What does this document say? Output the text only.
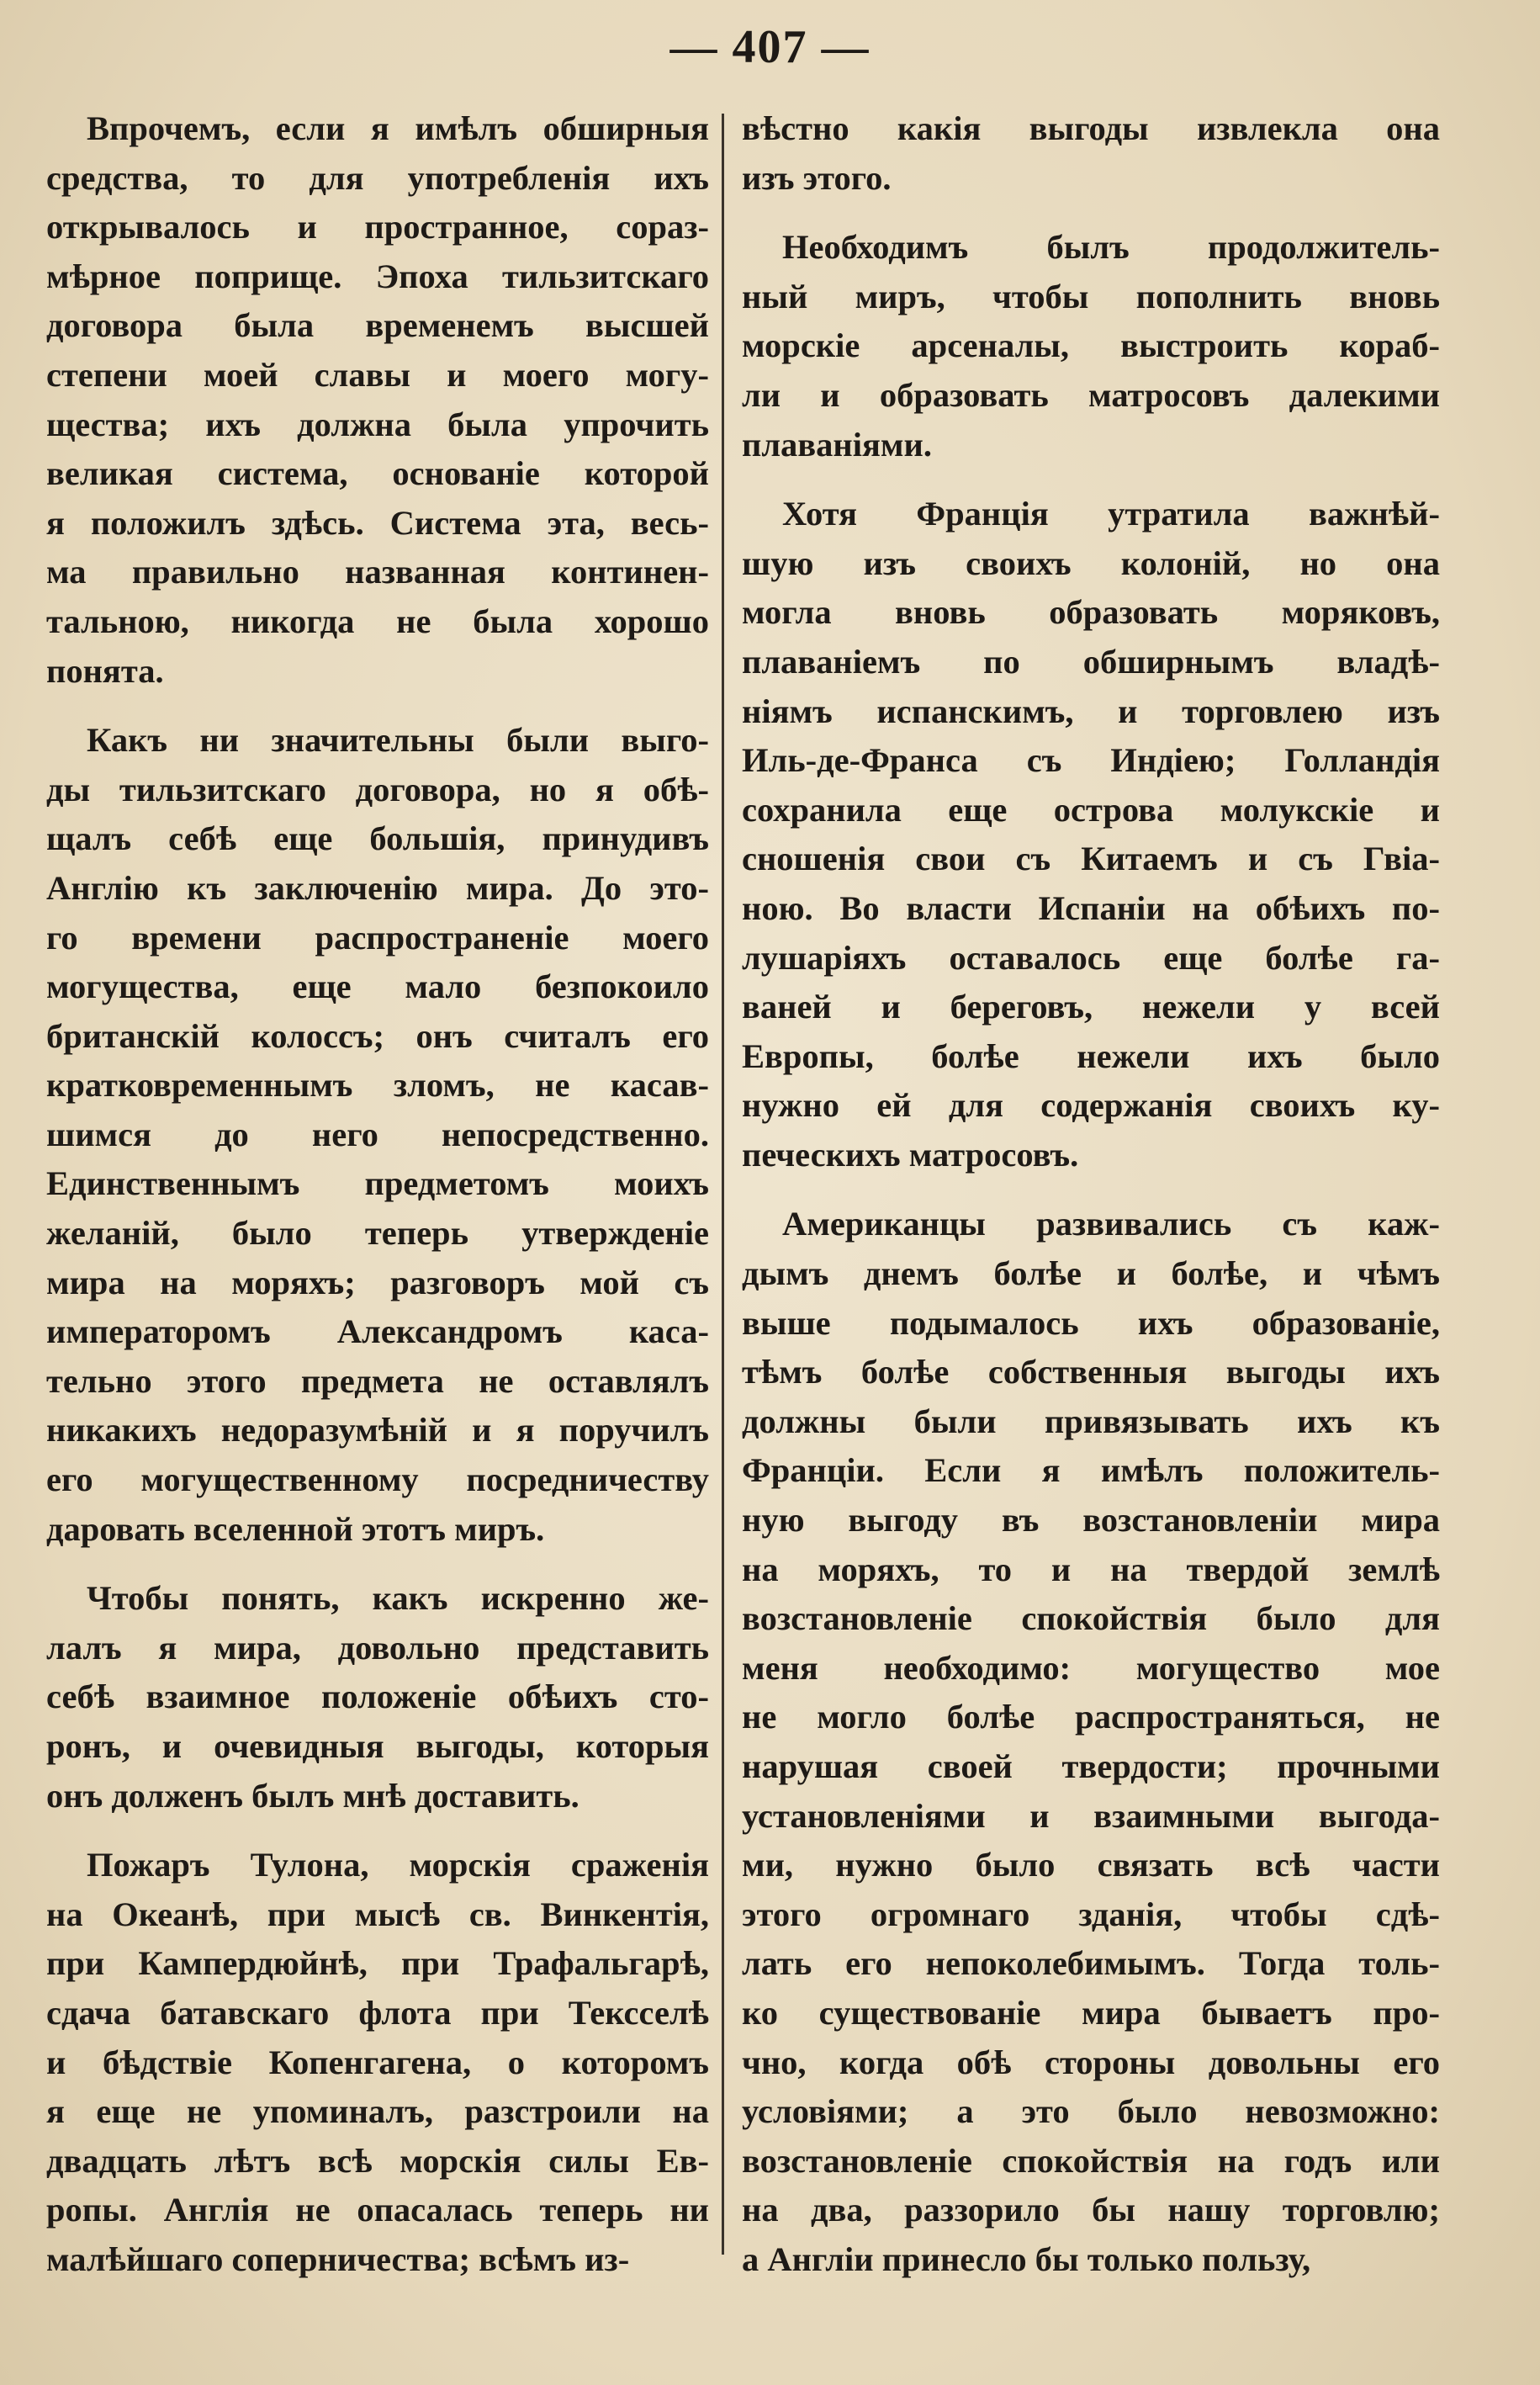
— 407 —
Впрочемъ, если я имѣлъ обширныя
средства, то для употребленія ихъ
открывалось и пространное, сораз-
мѣрное поприще. Эпоха тильзитскаго
договора была временемъ высшей
степени моей славы и моего могу-
щества; ихъ должна была упрочить
великая система, основаніе которой
я положилъ здѣсь. Система эта, весь-
ма правильно названная континен-
тальною, никогда не была хорошо
понята.
Какъ ни значительны были выго-
ды тильзитскаго договора, но я обѣ-
щалъ себѣ еще большія, принудивъ
Англію къ заключенію мира. До это-
го времени распространеніе моего
могущества, еще мало безпокоило
британскій колоссъ; онъ считалъ его
кратковременнымъ зломъ, не касав-
шимся до него непосредственно.
Единственнымъ предметомъ моихъ
желаній, было теперь утвержденіе
мира на моряхъ; разговоръ мой съ
императоромъ Александромъ каса-
тельно этого предмета не оставлялъ
никакихъ недоразумѣній и я поручилъ
его могущественному посредничеству
даровать вселенной этотъ миръ.
Чтобы понять, какъ искренно же-
лалъ я мира, довольно представить
себѣ взаимное положеніе обѣихъ сто-
ронъ, и очевидныя выгоды, которыя
онъ долженъ былъ мнѣ доставить.
Пожаръ Тулона, морскія сраженія
на Океанѣ, при мысѣ св. Винкентія,
при Кампердюйнѣ, при Трафальгарѣ,
сдача батавскаго флота при Тексселѣ
и бѣдствіе Копенгагена, о которомъ
я еще не упоминалъ, разстроили на
двадцать лѣтъ всѣ морскія силы Ев-
ропы. Англія не опасалась теперь ни
малѣйшаго соперничества; всѣмъ из-
вѣстно какія выгоды извлекла она
изъ этого.
Необходимъ былъ продолжитель-
ный миръ, чтобы пополнить вновь
морскіе арсеналы, выстроить кораб-
ли и образовать матросовъ далекими
плаваніями.
Хотя Франція утратила важнѣй-
шую изъ своихъ колоній, но она
могла вновь образовать моряковъ,
плаваніемъ по обширнымъ владѣ-
ніямъ испанскимъ, и торговлею изъ
Иль-де-Франса съ Индіею; Голландія
сохранила еще острова молукскіе и
сношенія свои съ Китаемъ и съ Гвіа-
ною. Во власти Испаніи на обѣихъ по-
лушаріяхъ оставалось еще болѣе га-
ваней и береговъ, нежели у всей
Европы, болѣе нежели ихъ было
нужно ей для содержанія своихъ ку-
печескихъ матросовъ.
Американцы развивались съ каж-
дымъ днемъ болѣе и болѣе, и чѣмъ
выше подымалось ихъ образованіе,
тѣмъ болѣе собственныя выгоды ихъ
должны были привязывать ихъ къ
Франціи. Если я имѣлъ положитель-
ную выгоду въ возстановленіи мира
на моряхъ, то и на твердой землѣ
возстановленіе спокойствія было для
меня необходимо: могущество мое
не могло болѣе распространяться, не
нарушая своей твердости; прочными
установленіями и взаимными выгода-
ми, нужно было связать всѣ части
этого огромнаго зданія, чтобы сдѣ-
лать его непоколебимымъ. Тогда толь-
ко существованіе мира бываетъ про-
чно, когда обѣ стороны довольны его
условіями; а это было невозможно:
возстановленіе спокойствія на годъ или
на два, раззорило бы нашу торговлю;
а Англіи принесло бы только пользу,
